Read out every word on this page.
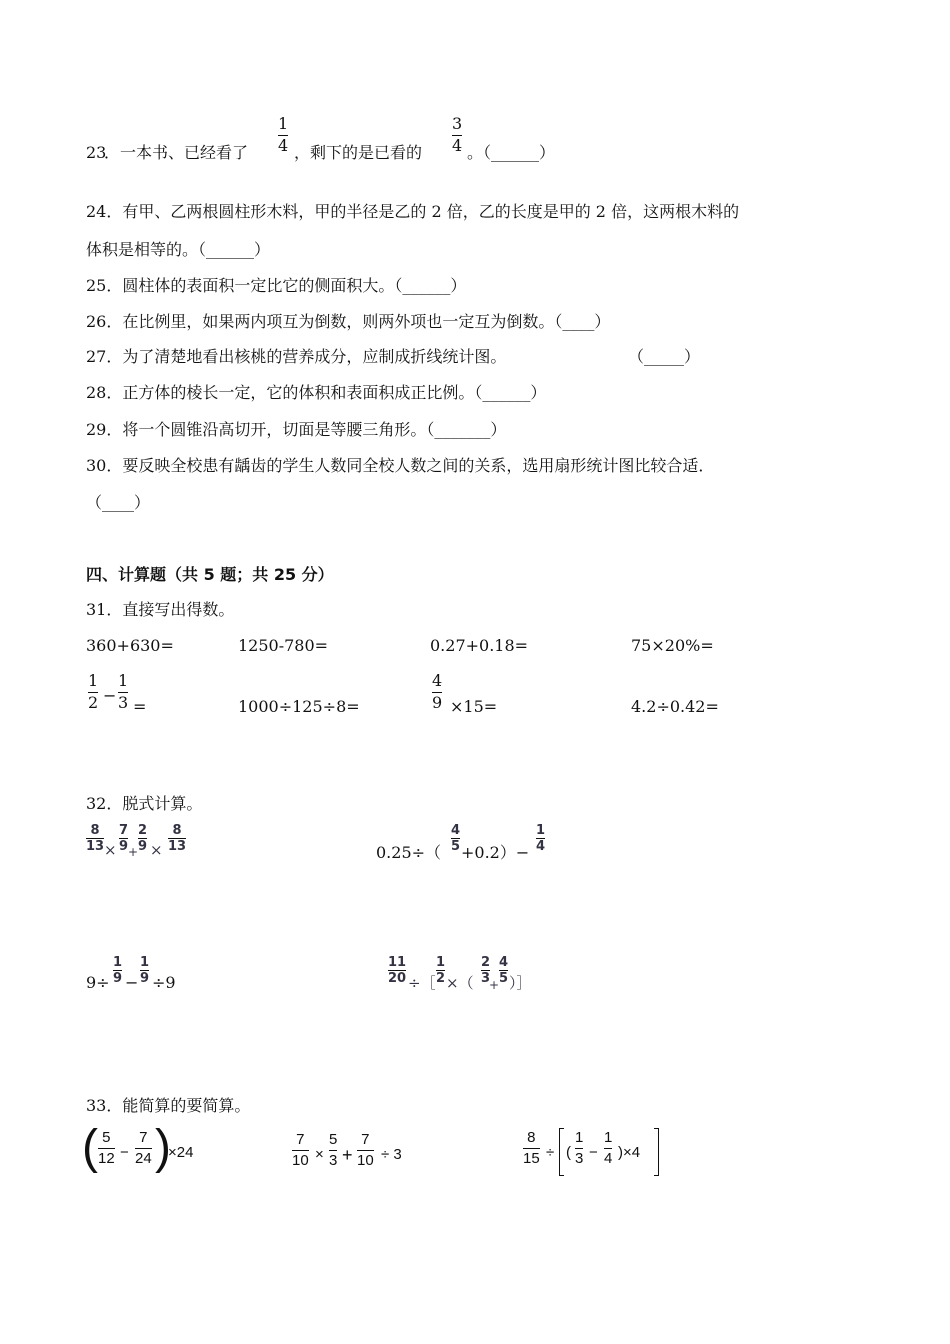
23
．一本书、已经看了
1
4 ，剩下的是已看的
3
4 。（______）
24．有甲、乙两根圆柱形木料，甲的半径是乙的 2 倍，乙的长度是甲的 2 倍，这两根木料的
体积是相等的。（______）
25．圆柱体的表面积一定比它的侧面积大。（______）
26．在比例里，如果两内项互为倒数，则两外项也一定互为倒数。（____）
27．为了清楚地看出核桃的营养成分，应制成折线统计图。	（_____）
28．正方体的棱长一定，它的体积和表面积成正比例。（______）
29．将一个圆锥沿高切开，切面是等腰三角形。（_______）
30．要反映全校患有龋齿的学生人数同全校人数之间的关系，选用扇形统计图比较合适．
（____）
四、计算题（共 5 题；共 25 分）
31．直接写出得数。
360+630=	1250-780=	0.27+0.18=	75×20%=
1
2 −
1
3 =	1000÷125÷8=
4
9 ×15=	4.2÷0.42=
32．脱式计算。
8
13 ×
7
9 +
2
9 ×
8
13	0.25÷（
4
5 +0.2）−
1
4
9÷
1
9 −
1
9 ÷9
11
20 ÷［
1
2 ×（
2
3
+
4
5 ）］
33．能简算的要简算。
( 5
12 −
7
24 )
×24
7
10 ×
5
3 +
7
10 ÷ 3
8
15 ÷ (
1
3 −
1
4 )×4
